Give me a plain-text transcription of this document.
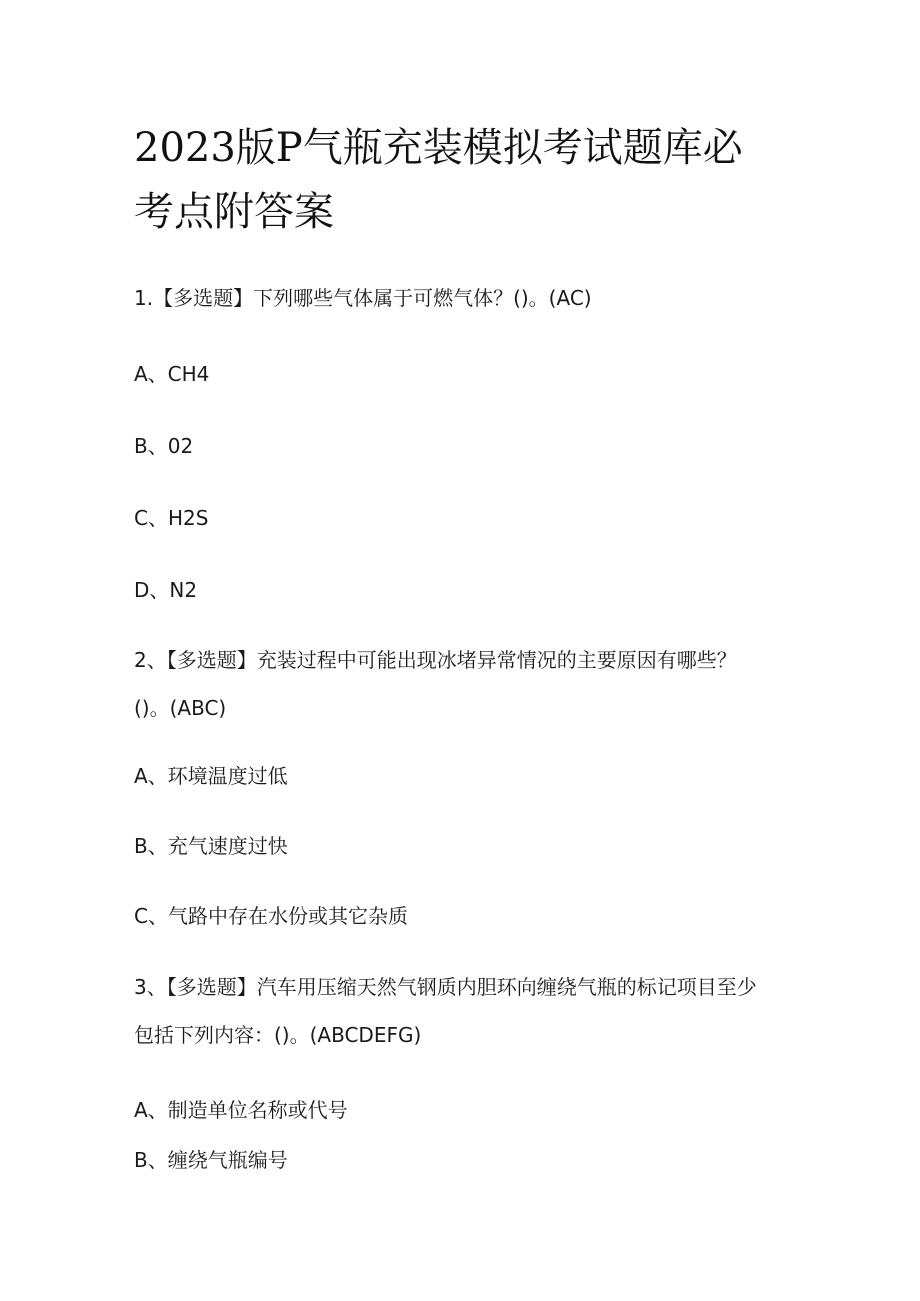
2023版P气瓶充装模拟考试题库必
考点附答案
1.【多选题】下列哪些气体属于可燃气体？()。(AC)
A、CH4
B、02
C、H2S
D、N2
2、【多选题】充装过程中可能出现冰堵异常情况的主要原因有哪些？
()。(ABC)
A、环境温度过低
B、充气速度过快
C、气路中存在水份或其它杂质
3、【多选题】汽车用压缩天然气钢质内胆环向缠绕气瓶的标记项目至少
包括下列内容：()。(ABCDEFG)
A、制造单位名称或代号
B、缠绕气瓶编号
